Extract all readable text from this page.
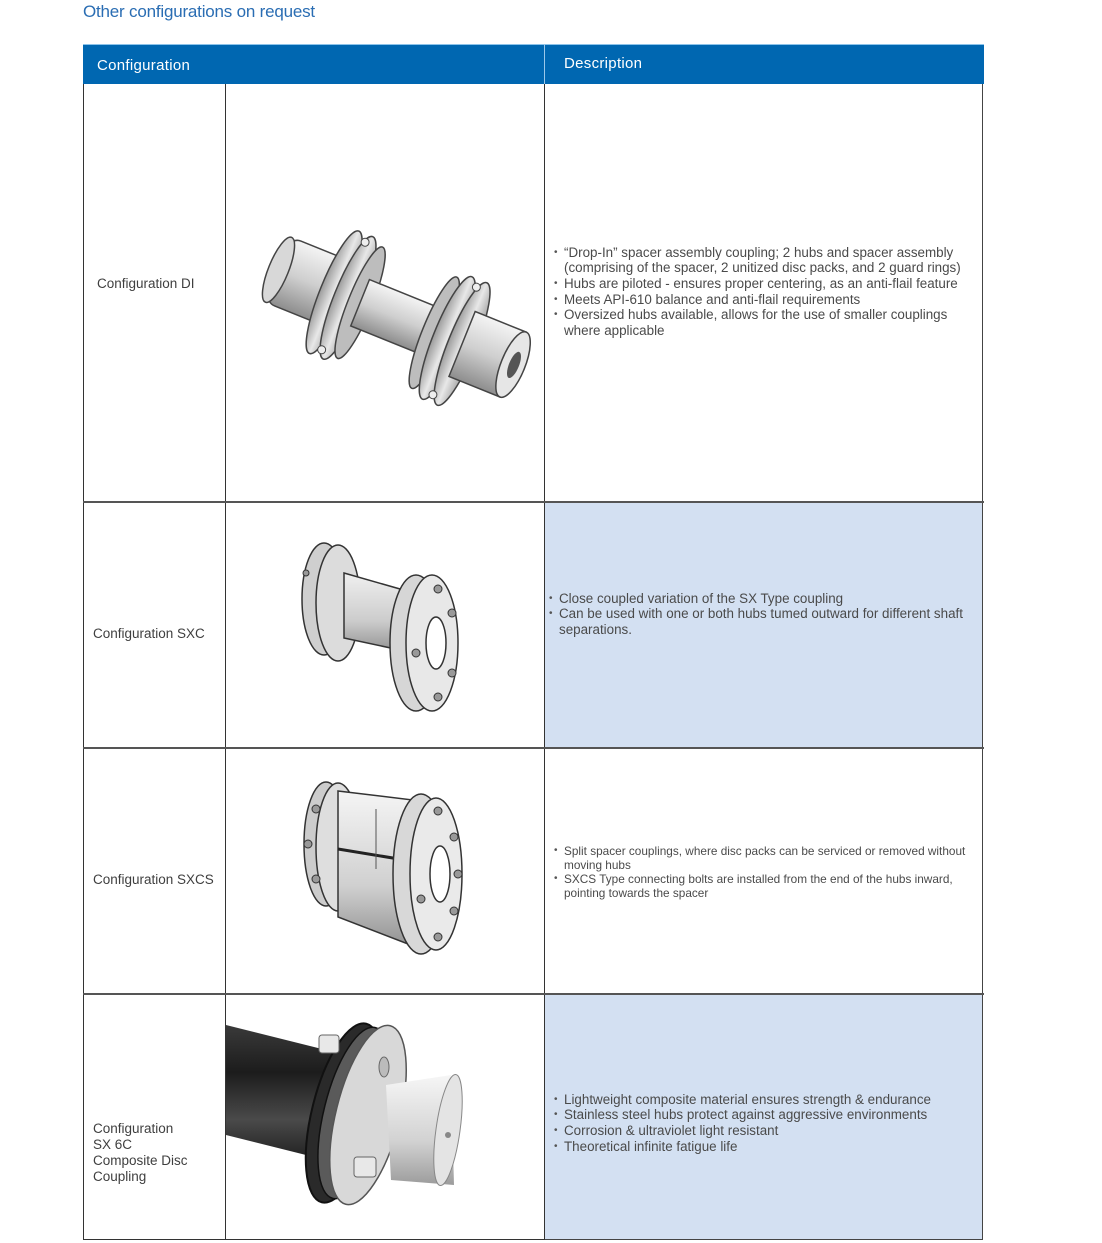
Other configurations on request
Configuration	Description
Configuration DI
• “Drop-In” spacer assembly coupling; 2 hubs and spacer assembly (comprising of the spacer, 2 unitized disc packs, and 2 guard rings)
• Hubs are piloted - ensures proper centering, as an anti-flail feature
• Meets API-610 balance and anti-flail requirements
• Oversized hubs available, allows for the use of smaller couplings where applicable
Configuration SXC
• Close coupled variation of the SX Type coupling
• Can be used with one or both hubs tumed outward for different shaft separations.
Configuration SXCS
• Split spacer couplings, where disc packs can be serviced or removed without moving hubs
• SXCS Type connecting bolts are installed from the end of the hubs inward, pointing towards the spacer
Configuration
SX 6C
Composite Disc
Coupling
• Lightweight composite material ensures strength & endurance
• Stainless steel hubs protect against aggressive environments
• Corrosion & ultraviolet light resistant
• Theoretical infinite fatigue life
